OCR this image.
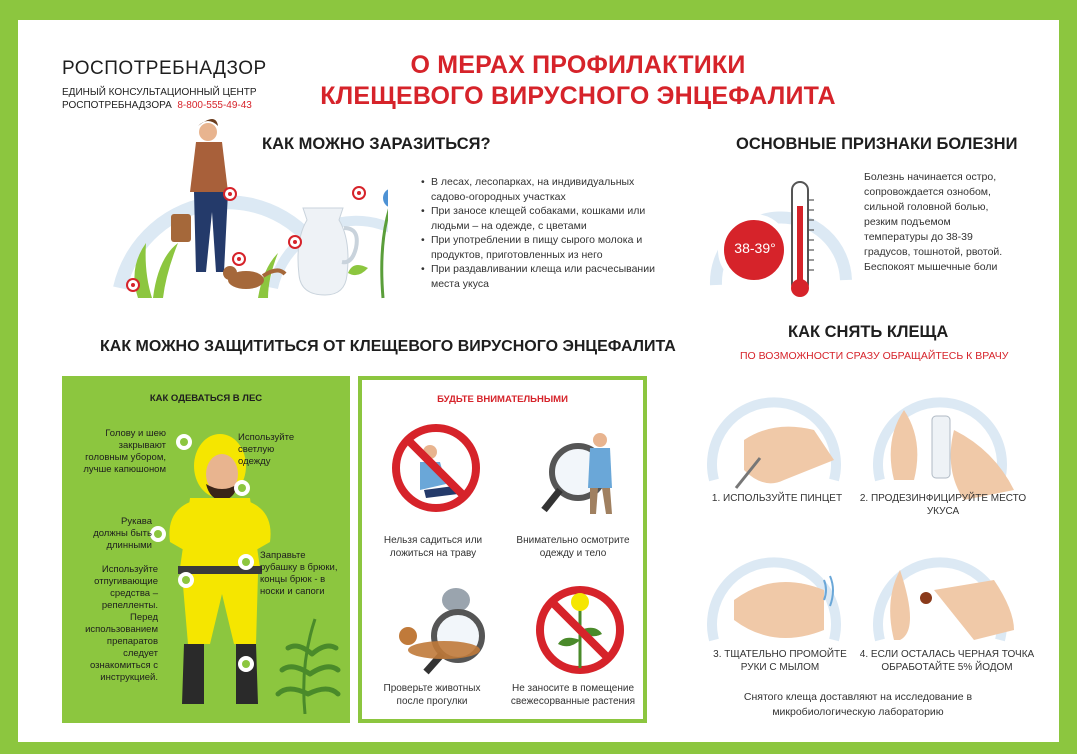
РОСПОТРЕБНАДЗОР
ЕДИНЫЙ КОНСУЛЬТАЦИОННЫЙ ЦЕНТР
РОСПОТРЕБНАДЗОРА 8-800-555-49-43
О МЕРАХ ПРОФИЛАКТИКИ
КЛЕЩЕВОГО ВИРУСНОГО ЭНЦЕФАЛИТА
КАК МОЖНО ЗАРАЗИТЬСЯ?
• В лесах, лесопарках, на индивидуальных садово-огородных участках
• При заносе клещей собаками, кошками или людьми – на одежде, с цветами
• При употреблении в пищу сырого молока и продуктов, приготовленных из него
• При раздавливании клеща или расчесывании места укуса
ОСНОВНЫЕ ПРИЗНАКИ БОЛЕЗНИ
38-39°
Болезнь начинается остро, сопровождается ознобом, сильной головной болью, резким подъемом температуры до 38-39 градусов, тошнотой, рвотой. Беспокоят мышечные боли
КАК МОЖНО ЗАЩИТИТЬСЯ ОТ КЛЕЩЕВОГО ВИРУСНОГО ЭНЦЕФАЛИТА
КАК ОДЕВАТЬСЯ В ЛЕС
Голову и шею закрывают головным убором, лучше капюшоном
Используйте светлую одежду
Рукава должны быть длинными
Используйте отпугивающие средства – репелленты. Перед использованием препаратов следует ознакомиться с инструкцией.
Заправьте рубашку в брюки, концы брюк - в носки и сапоги
БУДЬТЕ ВНИМАТЕЛЬНЫМИ
Нельзя садиться или ложиться на траву
Внимательно осмотрите одежду и тело
Проверьте животных после прогулки
Не заносите в помещение свежесорванные растения
КАК СНЯТЬ КЛЕЩА
ПО ВОЗМОЖНОСТИ СРАЗУ ОБРАЩАЙТЕСЬ К ВРАЧУ
1. ИСПОЛЬЗУЙТЕ ПИНЦЕТ	2. ПРОДЕЗИНФИЦИРУЙТЕ МЕСТО УКУСА
3. ТЩАТЕЛЬНО ПРОМОЙТЕ РУКИ С МЫЛОМ
4. ЕСЛИ ОСТАЛАСЬ ЧЕРНАЯ ТОЧКА ОБРАБОТАЙТЕ 5% ЙОДОМ
Снятого клеща доставляют на исследование в микробиологическую лабораторию
